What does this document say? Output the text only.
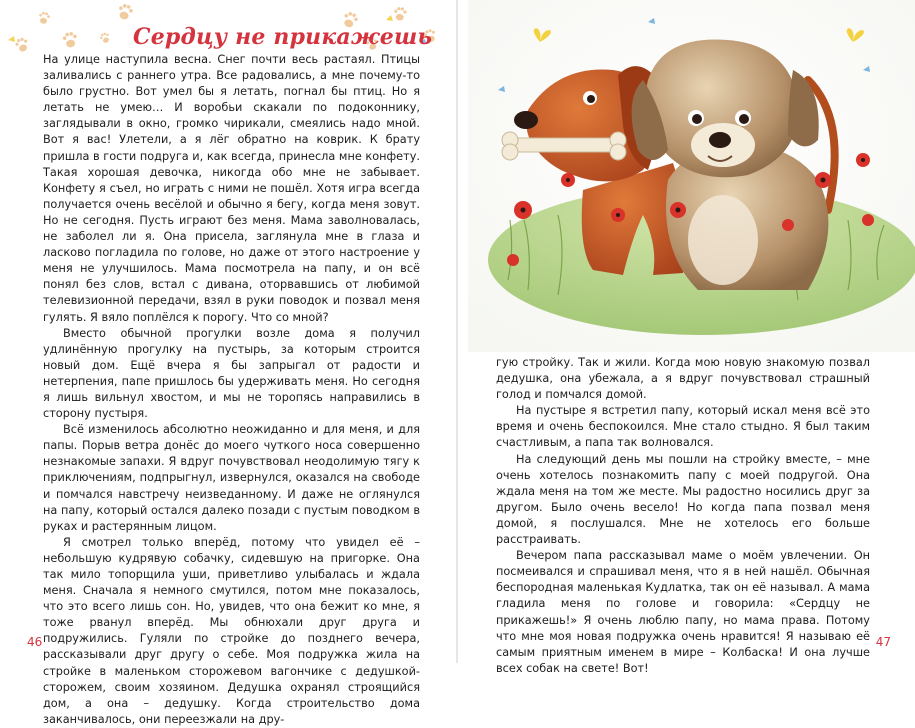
Сердцу не прикажешь

На улице наступила весна. Снег почти весь растаял. Птицы заливались с раннего утра. Все радовались, а мне почему-то было грустно. Вот умел бы я летать, погнал бы птиц. Но я летать не умею… И воробьи скакали по подоконнику, заглядывали в окно, громко чирикали, смеялись надо мной. Вот я вас! Улетели, а я лёг обратно на коврик. К брату пришла в гости подруга и, как всегда, принесла мне конфету. Такая хорошая девочка, никогда обо мне не забывает. Конфету я съел, но играть с ними не пошёл. Хотя игра всегда получается очень весёлой и обычно я бегу, когда меня зовут. Но не сегодня. Пусть играют без меня. Мама заволновалась, не заболел ли я. Она присела, заглянула мне в глаза и ласково погладила по голове, но даже от этого настроение у меня не улучшилось. Мама посмотрела на папу, и он всё понял без слов, встал с дивана, оторвавшись от любимой телевизионной передачи, взял в руки поводок и позвал меня гулять. Я вяло поплёлся к порогу. Что со мной?

Вместо обычной прогулки возле дома я получил удлинённую прогулку на пустырь, за которым строится новый дом. Ещё вчера я бы запрыгал от радости и нетерпения, папе пришлось бы удерживать меня. Но сегодня я лишь вильнул хвостом, и мы не торопясь направились в сторону пустыря.

Всё изменилось абсолютно неожиданно и для меня, и для папы. Порыв ветра донёс до моего чуткого носа совершенно незнакомые запахи. Я вдруг почувствовал неодолимую тягу к приключениям, подпрыгнул, извернулся, оказался на свободе и помчался навстречу неизведанному. И даже не оглянулся на папу, который остался далеко позади с пустым поводком в руках и растерянным лицом.

Я смотрел только вперёд, потому что увидел её – небольшую кудрявую собачку, сидевшую на пригорке. Она так мило топорщила уши, приветливо улыбалась и ждала меня. Сначала я немного смутился, потом мне показалось, что это всего лишь сон. Но, увидев, что она бежит ко мне, я тоже рванул вперёд. Мы обнюхали друг друга и подружились. Гуляли по стройке до позднего вечера, рассказывали друг другу о себе. Моя подружка жила на стройке в маленьком сторожевом вагончике с дедушкой-сторожем, своим хозяином. Дедушка охранял строящийся дом, а она – дедушку. Когда строительство дома заканчивалось, они переезжали на дру-

гую стройку. Так и жили. Когда мою новую знакомую позвал дедушка, она убежала, а я вдруг почувствовал страшный голод и помчался домой.

На пустыре я встретил папу, который искал меня всё это время и очень беспокоился. Мне стало стыдно. Я был таким счастливым, а папа так волновался.

На следующий день мы пошли на стройку вместе, – мне очень хотелось познакомить папу с моей подругой. Она ждала меня на том же месте. Мы радостно носились друг за другом. Было очень весело! Но когда папа позвал меня домой, я послушался. Мне не хотелось его больше расстраивать.

Вечером папа рассказывал маме о моём увлечении. Он посмеивался и спрашивал меня, что я в ней нашёл. Обычная беспородная маленькая Кудлатка, так он её называл. А мама гладила меня по голове и говорила: «Сердцу не прикажешь!» Я очень люблю папу, но мама права. Потому что мне моя новая подружка очень нравится! Я называю её самым приятным именем в мире – Колбаска! И она лучше всех собак на свете! Вот!

46	47
